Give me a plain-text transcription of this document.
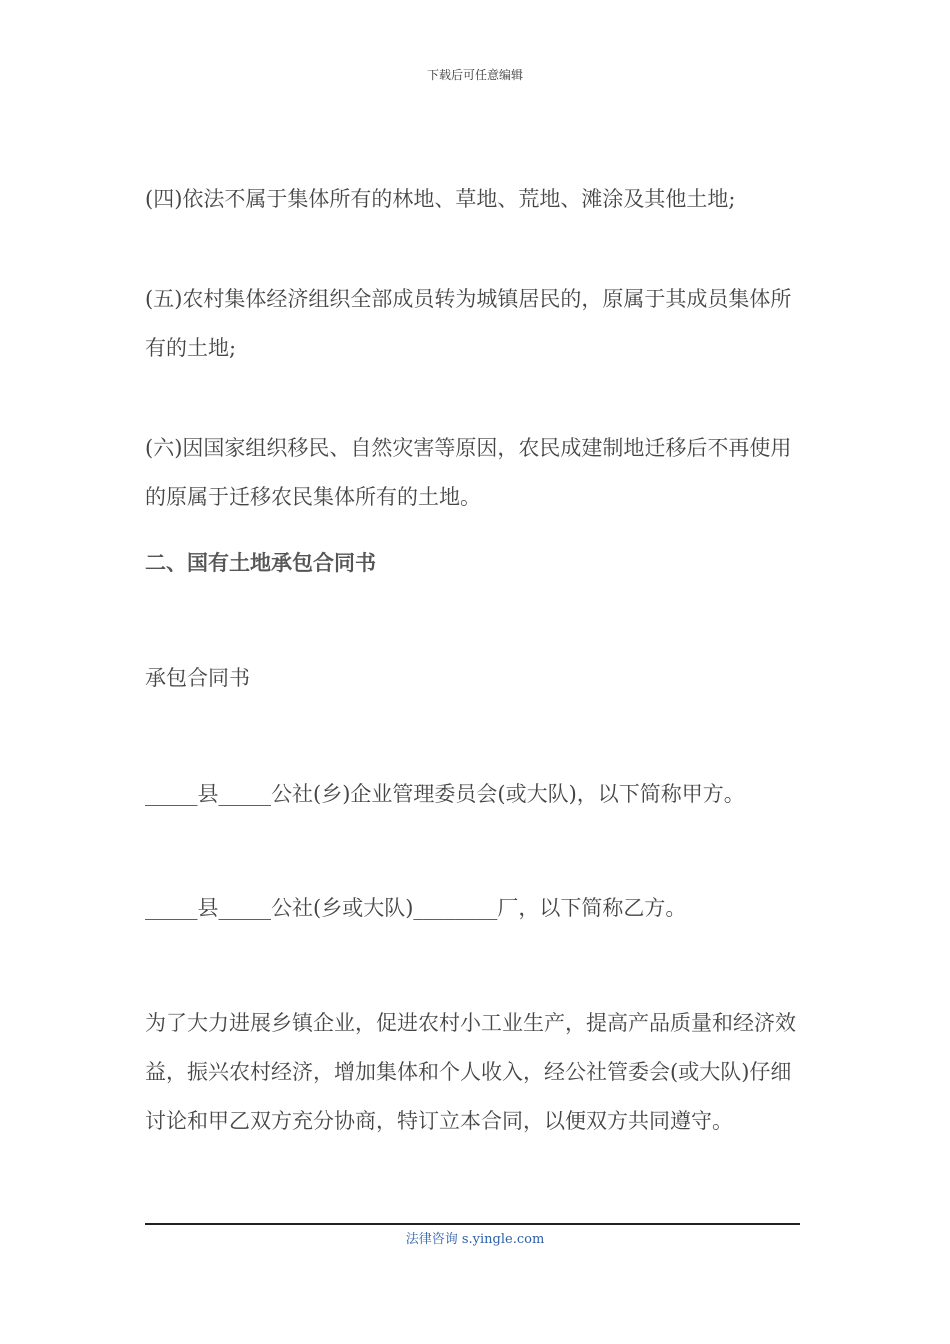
下载后可任意编辑

(四)依法不属于集体所有的林地、草地、荒地、滩涂及其他土地;

(五)农村集体经济组织全部成员转为城镇居民的，原属于其成员集体所有的土地;

(六)因国家组织移民、自然灾害等原因，农民成建制地迁移后不再使用的原属于迁移农民集体所有的土地。

二、国有土地承包合同书

承包合同书

_____县_____公社(乡)企业管理委员会(或大队)，以下简称甲方。

_____县_____公社(乡或大队)________厂，以下简称乙方。

为了大力进展乡镇企业，促进农村小工业生产，提高产品质量和经济效益，振兴农村经济，增加集体和个人收入，经公社管委会(或大队)仔细讨论和甲乙双方充分协商，特订立本合同，以便双方共同遵守。

法律咨询 s.yingle.com
